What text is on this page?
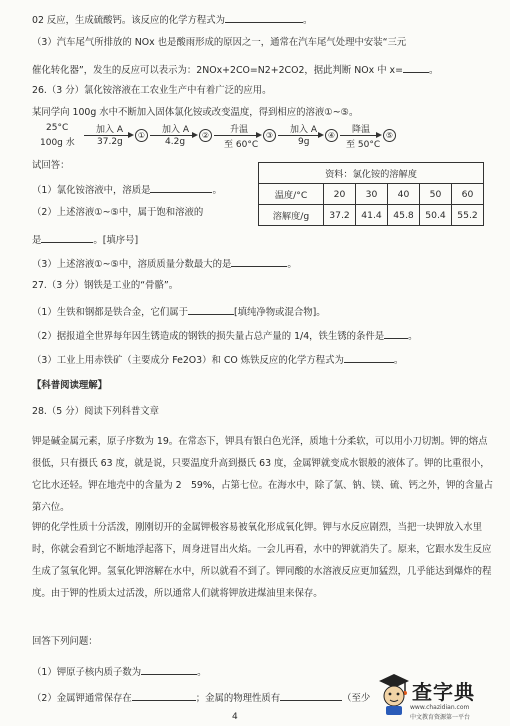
02 反应，生成硫酸钙。该反应的化学方程式为	。
（3）汽车尾气所排放的 NOx 也是酸雨形成的原因之一，通常在汽车尾气处理中安装“三元
催化转化器”，发生的反应可以表示为：2NOx+2CO=N2+2CO2，据此判断 NOx 中 x=	。
26.（3 分）氯化铵溶液在工农业生产中有着广泛的应用。
某同学向 100g 水中不断加入固体氯化铵或改变温度，得到相应的溶液①~⑤。
25°C
100g 水
加入 A
37.2g
①
加入 A
4.2g
②
升温
至 60°C
③
加入 A
9g
④
降温
至 50°C
⑤
试回答：
（1）氯化铵溶液中，溶质是	。
（2）上述溶液①~⑤中，属于饱和溶液的
是	。[填序号]
（3）上述溶液①~⑤中，溶质质量分数最大的是	。
资料：氯化铵的溶解度					
温度/°C	20	30	40	50	60
溶解度/g	37.2	41.4	45.8	50.4	55.2
27.（3 分）钢铁是工业的“骨骼”。
（1）生铁和钢都是铁合金，它们属于	[填纯净物或混合物]。
（2）据报道全世界每年因生锈造成的钢铁的损失量占总产量的 1/4，铁生锈的条件是	。
（3）工业上用赤铁矿（主要成分 Fe2O3）和 CO 炼铁反应的化学方程式为	。
【科普阅读理解】
28.（5 分）阅读下列科普文章
钾是碱金属元素，原子序数为 19。在常态下，钾具有银白色光泽，质地十分柔软，可以用小刀切割。钾的熔点很低，只有摄氏 63 度，就是说，只要温度升高到摄氏 63 度，金属钾就变成水银般的液体了。钾的比重很小，它比水还轻。钾在地壳中的含量为 2　59%，占第七位。在海水中，除了氯、钠、镁、硫、钙之外，钾的含量占第六位。
钾的化学性质十分活泼，刚刚切开的金属钾极容易被氧化形成氧化钾。钾与水反应剧烈，当把一块钾放入水里时，你就会看到它不断地浮起落下，周身迸冒出火焰。一会儿再看，水中的钾就消失了。原来，它跟水发生反应生成了氢氧化钾。氢氧化钾溶解在水中，所以就看不到了。钾同酸的水溶液反应更加猛烈，几乎能达到爆炸的程度。由于钾的性质太过活泼，所以通常人们就将钾放进煤油里来保存。
回答下列问题：
（1）钾原子核内质子数为	。
（2）金属钾通常保存在	；金属的物理性质有	（至少
4
查字典
www.chazidian.com
中文教育资源第一平台
